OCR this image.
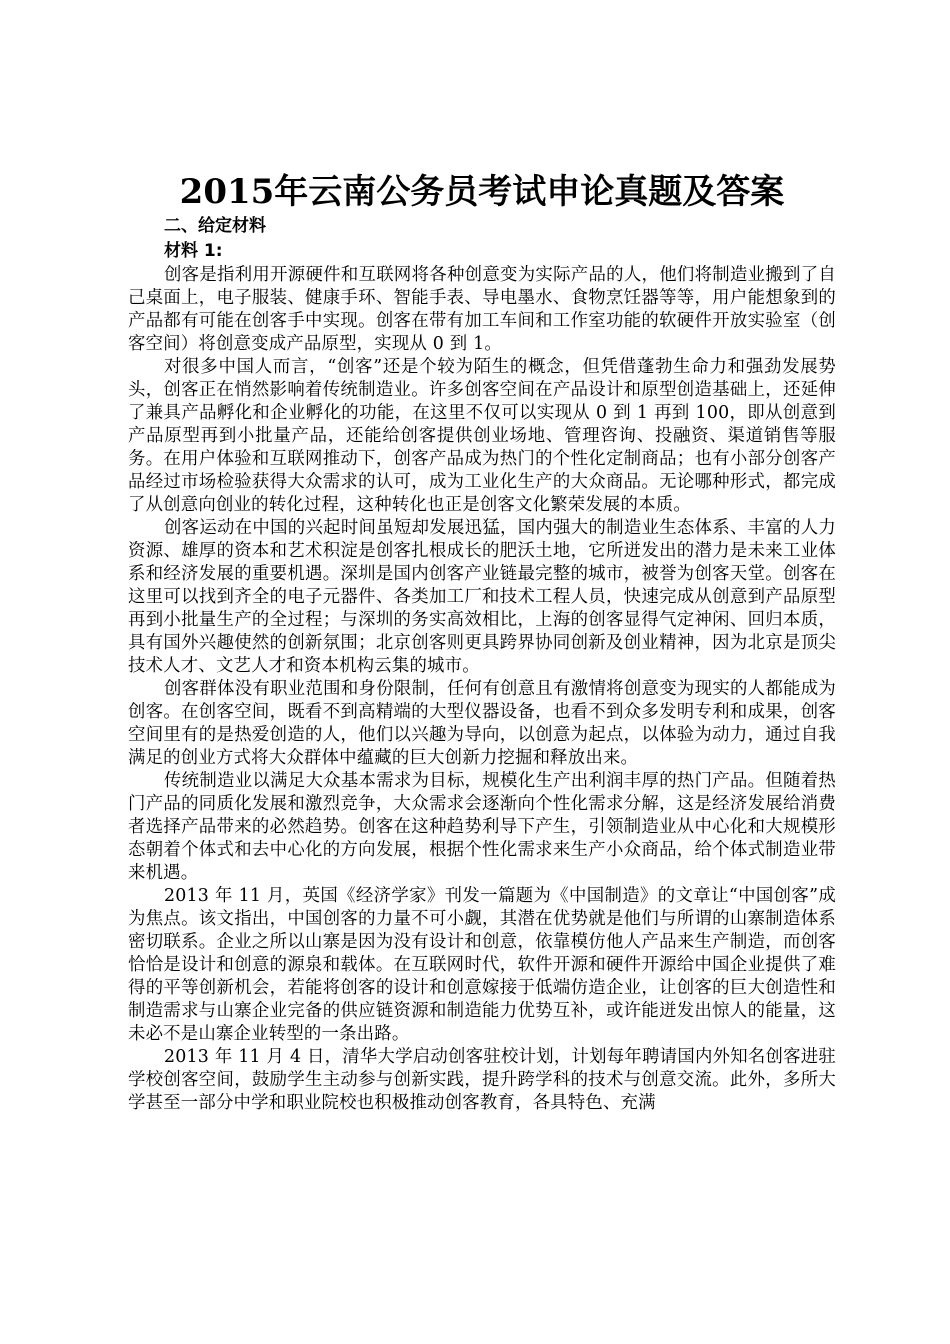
2015年云南公务员考试申论真题及答案
二、给定材料
材料 1:

创客是指利用开源硬件和互联网将各种创意变为实际产品的人，他们将制造业搬到了自己桌面上，电子服装、健康手环、智能手表、导电墨水、食物烹饪器等等，用户能想象到的产品都有可能在创客手中实现。创客在带有加工车间和工作室功能的软硬件开放实验室（创客空间）将创意变成产品原型，实现从 0 到 1。

对很多中国人而言，“创客”还是个较为陌生的概念，但凭借蓬勃生命力和强劲发展势头，创客正在悄然影响着传统制造业。许多创客空间在产品设计和原型创造基础上，还延伸了兼具产品孵化和企业孵化的功能，在这里不仅可以实现从 0 到 1 再到 100，即从创意到产品原型再到小批量产品，还能给创客提供创业场地、管理咨询、投融资、渠道销售等服务。在用户体验和互联网推动下，创客产品成为热门的个性化定制商品；也有小部分创客产品经过市场检验获得大众需求的认可，成为工业化生产的大众商品。无论哪种形式，都完成了从创意向创业的转化过程，这种转化也正是创客文化繁荣发展的本质。

创客运动在中国的兴起时间虽短却发展迅猛，国内强大的制造业生态体系、丰富的人力资源、雄厚的资本和艺术积淀是创客扎根成长的肥沃土地，它所迸发出的潜力是未来工业体系和经济发展的重要机遇。深圳是国内创客产业链最完整的城市，被誉为创客天堂。创客在这里可以找到齐全的电子元器件、各类加工厂和技术工程人员，快速完成从创意到产品原型再到小批量生产的全过程；与深圳的务实高效相比，上海的创客显得气定神闲、回归本质，具有国外兴趣使然的创新氛围；北京创客则更具跨界协同创新及创业精神，因为北京是顶尖技术人才、文艺人才和资本机构云集的城市。

创客群体没有职业范围和身份限制，任何有创意且有激情将创意变为现实的人都能成为创客。在创客空间，既看不到高精端的大型仪器设备，也看不到众多发明专利和成果，创客空间里有的是热爱创造的人，他们以兴趣为导向，以创意为起点，以体验为动力，通过自我满足的创业方式将大众群体中蕴藏的巨大创新力挖掘和释放出来。

传统制造业以满足大众基本需求为目标，规模化生产出利润丰厚的热门产品。但随着热门产品的同质化发展和激烈竞争，大众需求会逐渐向个性化需求分解，这是经济发展给消费者选择产品带来的必然趋势。创客在这种趋势利导下产生，引领制造业从中心化和大规模形态朝着个体式和去中心化的方向发展，根据个性化需求来生产小众商品，给个体式制造业带来机遇。

2013 年 11 月，英国《经济学家》刊发一篇题为《中国制造》的文章让“中国创客”成为焦点。该文指出，中国创客的力量不可小觑，其潜在优势就是他们与所谓的山寨制造体系密切联系。企业之所以山寨是因为没有设计和创意，依靠模仿他人产品来生产制造，而创客恰恰是设计和创意的源泉和载体。在互联网时代，软件开源和硬件开源给中国企业提供了难得的平等创新机会，若能将创客的设计和创意嫁接于低端仿造企业，让创客的巨大创造性和制造需求与山寨企业完备的供应链资源和制造能力优势互补，或许能迸发出惊人的能量，这未必不是山寨企业转型的一条出路。

2013 年 11 月 4 日，清华大学启动创客驻校计划，计划每年聘请国内外知名创客进驻学校创客空间，鼓励学生主动参与创新实践，提升跨学科的技术与创意交流。此外，多所大学甚至一部分中学和职业院校也积极推动创客教育，各具特色、充满
